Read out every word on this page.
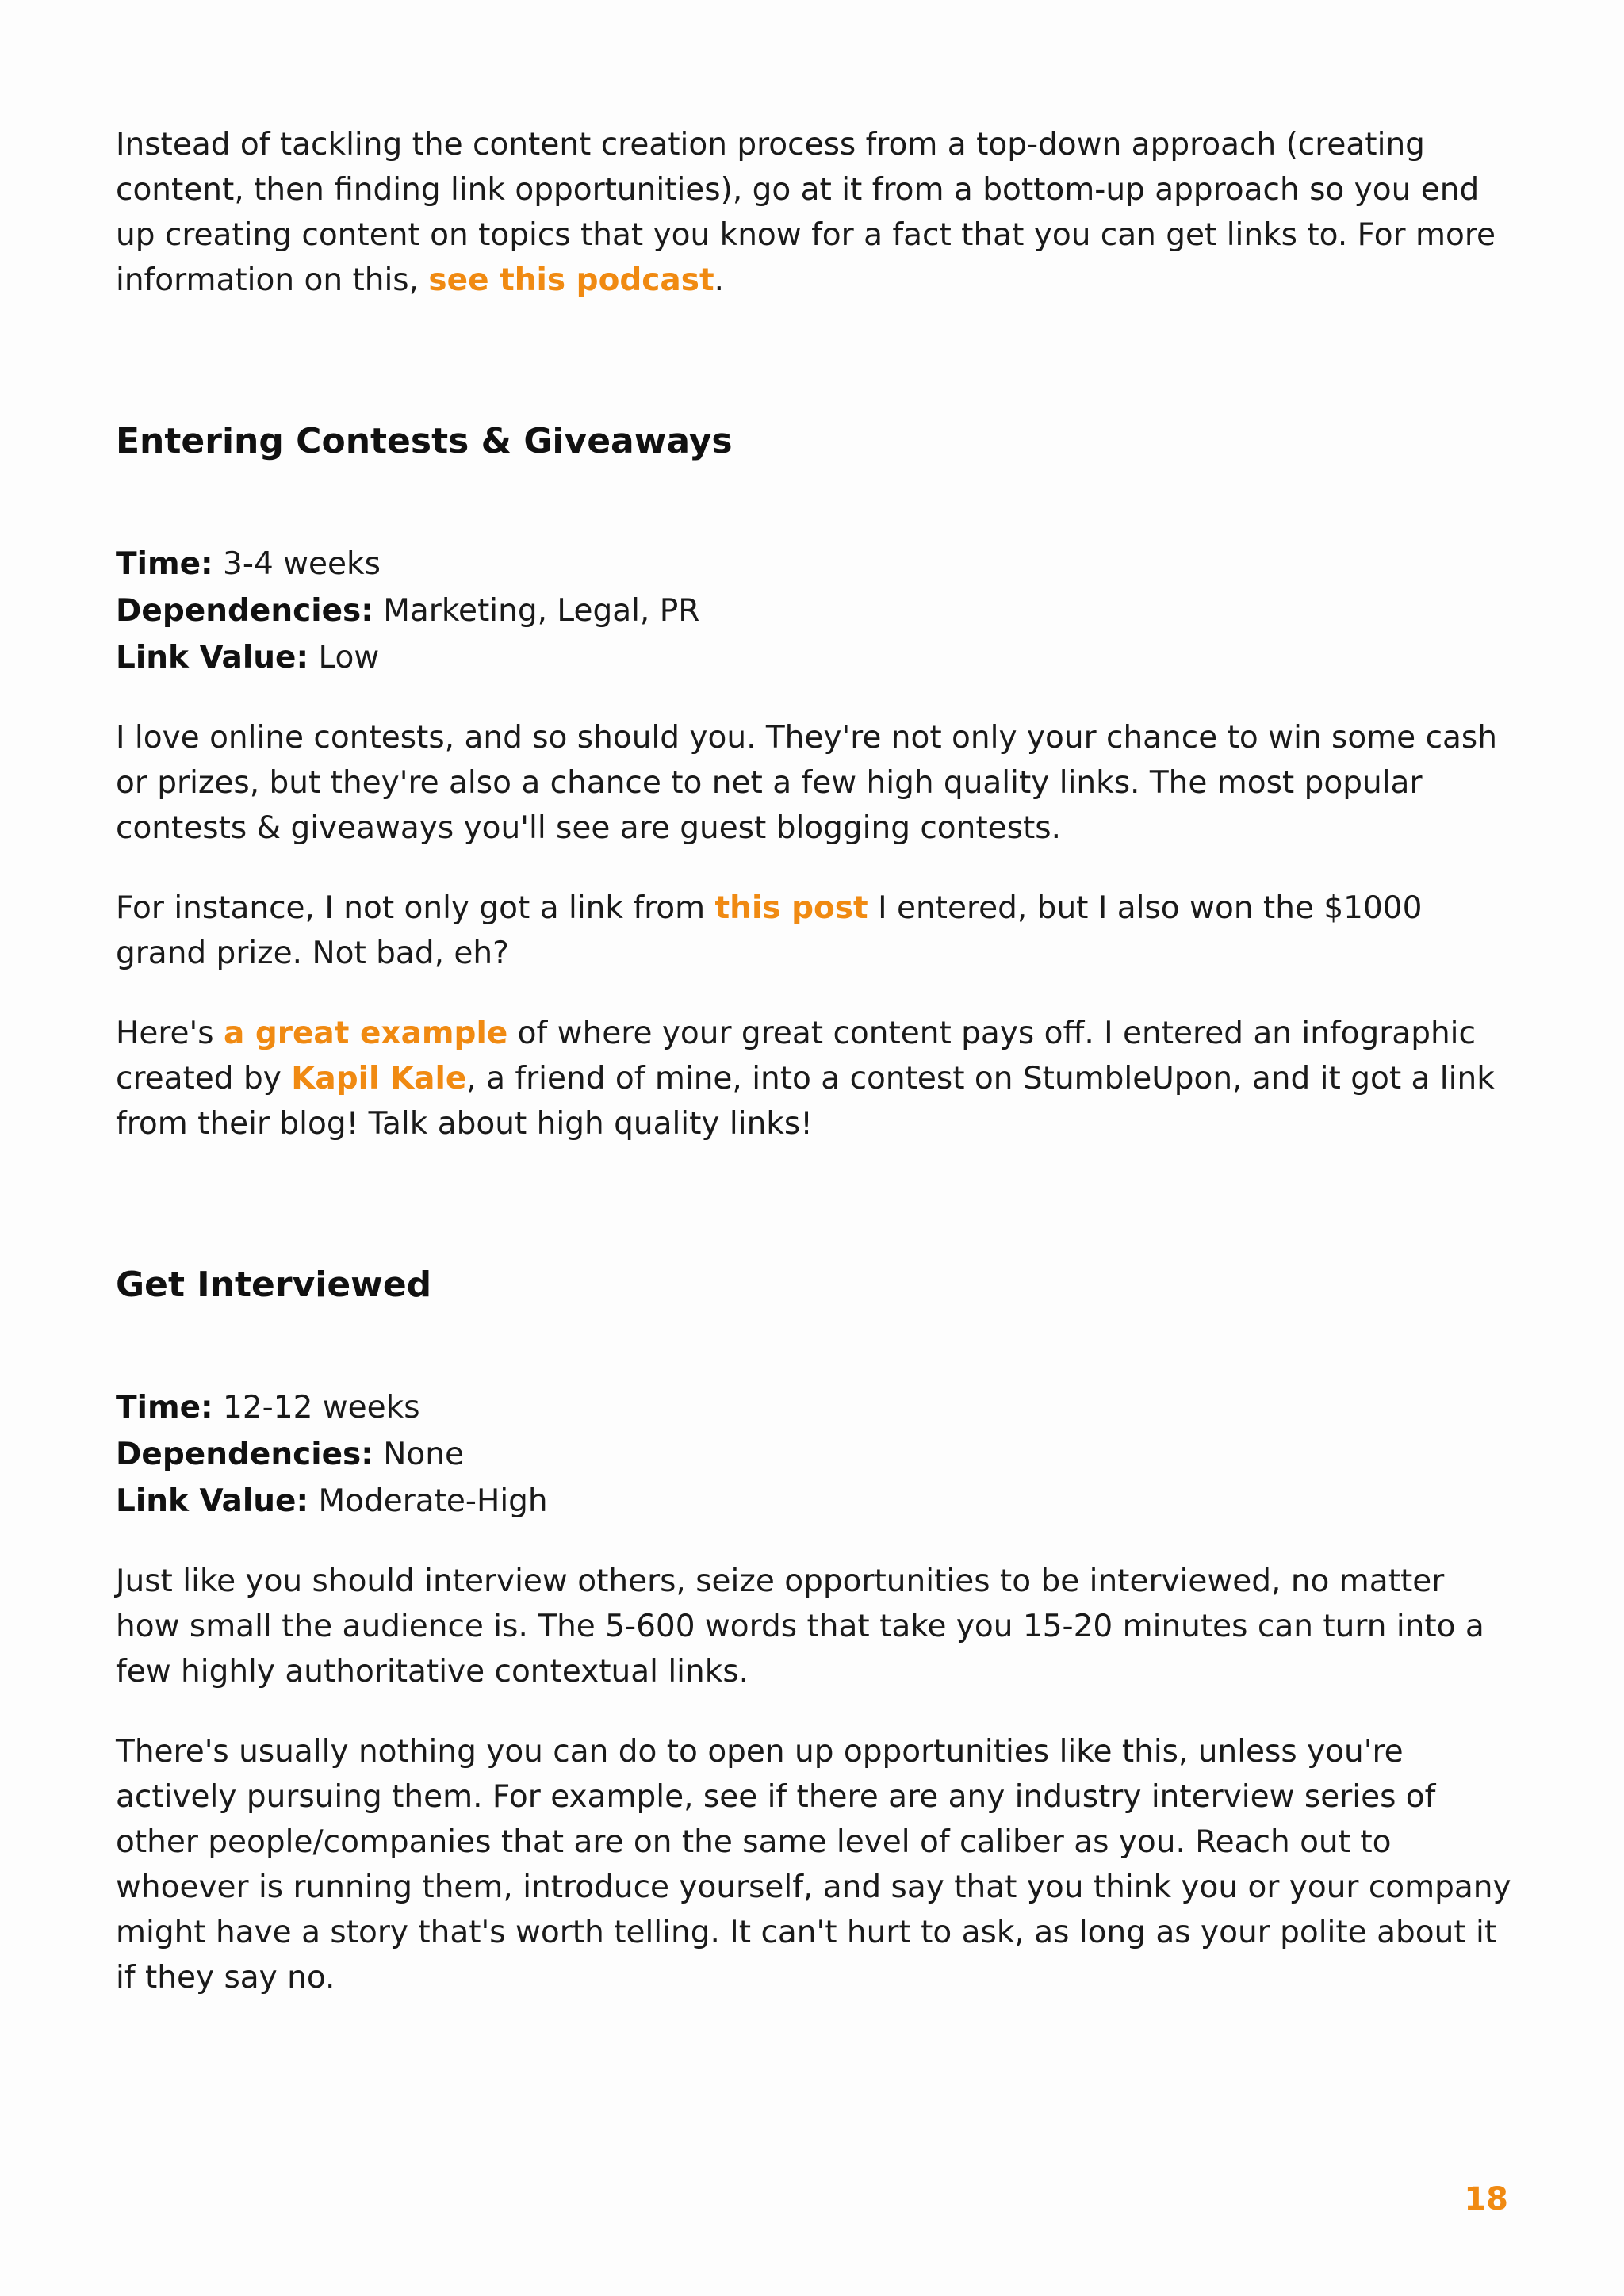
Instead of tackling the content creation process from a top-down approach (creating content, then finding link opportunities), go at it from a bottom-up approach so you end up creating content on topics that you know for a fact that you can get links to. For more information on this, see this podcast.

Entering Contests & Giveaways

Time: 3-4 weeks

Dependencies: Marketing, Legal, PR

Link Value: Low

I love online contests, and so should you. They're not only your chance to win some cash or prizes, but they're also a chance to net a few high quality links. The most popular contests & giveaways you'll see are guest blogging contests.

For instance, I not only got a link from this post I entered, but I also won the $1000 grand prize. Not bad, eh?

Here's a great example of where your great content pays off. I entered an infographic created by Kapil Kale, a friend of mine, into a contest on StumbleUpon, and it got a link from their blog! Talk about high quality links!

Get Interviewed

Time: 12-12 weeks

Dependencies: None

Link Value: Moderate-High

Just like you should interview others, seize opportunities to be interviewed, no matter how small the audience is. The 5-600 words that take you 15-20 minutes can turn into a few highly authoritative contextual links.

There's usually nothing you can do to open up opportunities like this, unless you're actively pursuing them. For example, see if there are any industry interview series of other people/companies that are on the same level of caliber as you. Reach out to whoever is running them, introduce yourself, and say that you think you or your company might have a story that's worth telling. It can't hurt to ask, as long as your polite about it if they say no.

18
